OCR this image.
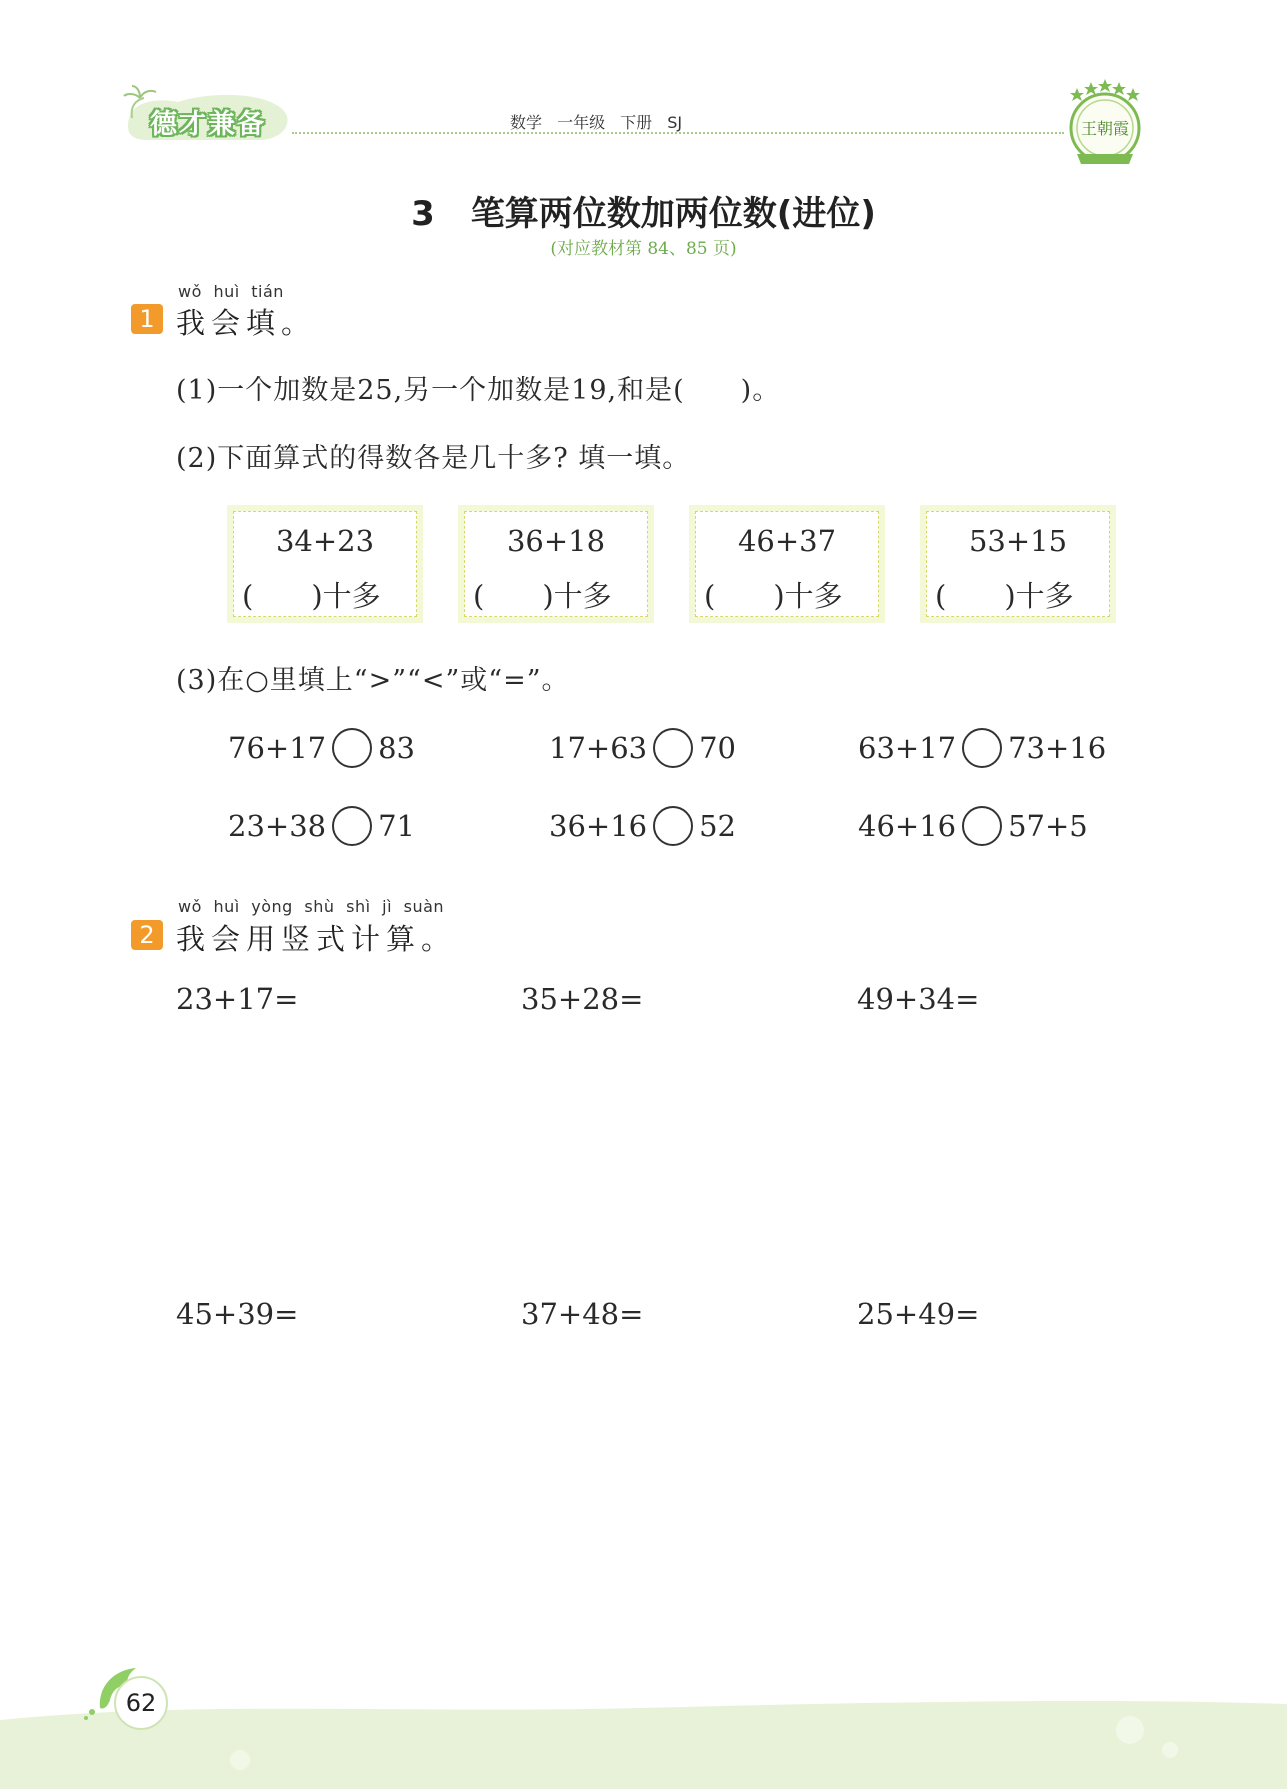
德才兼备	数学 一年级 下册 SJ	王朝霞
3 笔算两位数加两位数(进位)
(对应教材第 84、85 页)
wǒ huì tián
1 我会填。
(1)一个加数是25,另一个加数是19,和是(　　)。
(2)下面算式的得数各是几十多? 填一填。
34+23
(　　)十多
36+18
(　　)十多
46+37
(　　)十多
53+15
(　　)十多
(3)在○里填上“>”“<”或“=”。
76+17 83	17+63 70	63+17 73+16
23+38 71	36+16 52	46+16 57+5
wǒ huì yòng shù shì jì suàn
2 我会用竖式计算。
23+17=	35+28=	49+34=
45+39=	37+48=	25+49=
62
